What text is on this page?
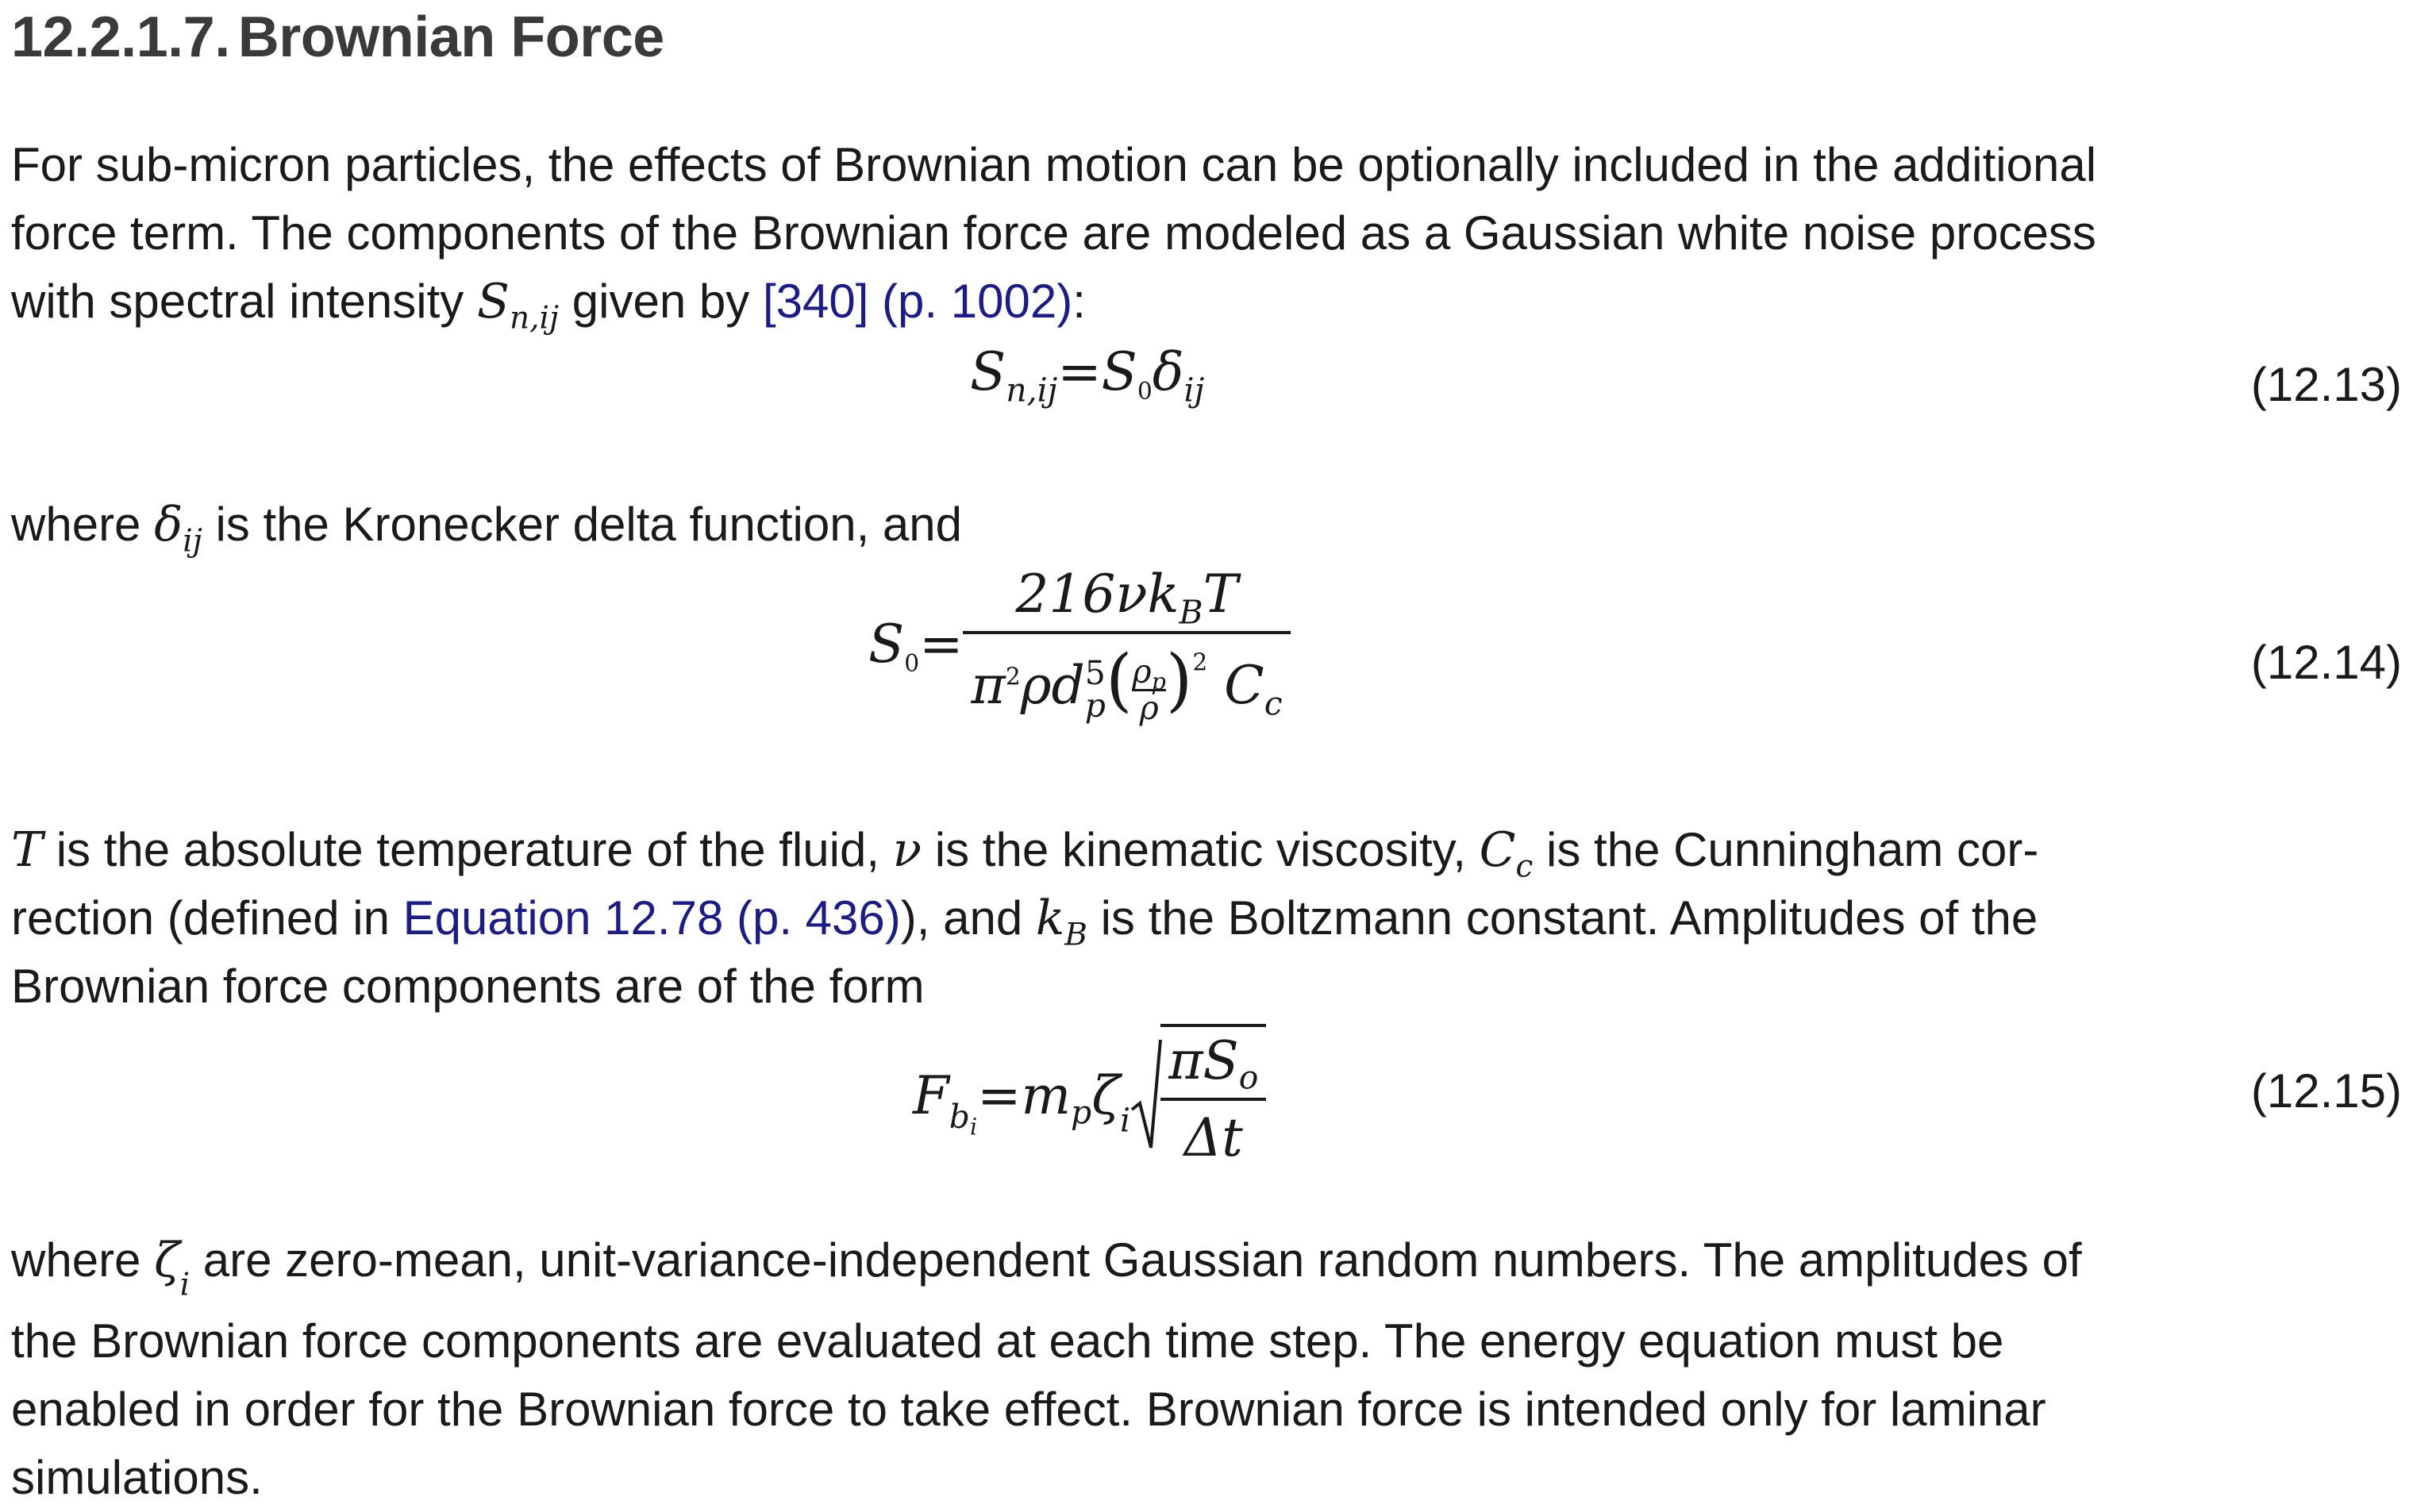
12.2.1.7. Brownian Force
For sub-micron particles, the effects of Brownian motion can be optionally included in the additional
force term. The components of the Brownian force are modeled as a Gaussian white noise process
with spectral intensity $S_{n,ij}$ given by [340] (p. 1002):
$S_{n,ij}=S_0\delta_{ij}$	(12.13)
where $\delta_{ij}$ is the Kronecker delta function, and
$S_0= 216\nu k_BT$
$\pi^2\rho d$ 5
p ( $\frac{\rho_p}{\rho} )^2$ $C_c$	(12.14)
T is the absolute temperature of the fluid, ν is the kinematic viscosity, $C_c$ is the Cunningham cor-
rection (defined in Equation 12.78 (p. 436)), and $k_B$ is the Boltzmann constant. Amplitudes of the
Brownian force components are of the form
$F_{b_i}=m_p\zeta_i \frac{\pi S_o}{\Delta t}$	(12.15)
where $\zeta_i$ are zero-mean, unit-variance-independent Gaussian random numbers. The amplitudes of
the Brownian force components are evaluated at each time step. The energy equation must be
enabled in order for the Brownian force to take effect. Brownian force is intended only for laminar
simulations.
